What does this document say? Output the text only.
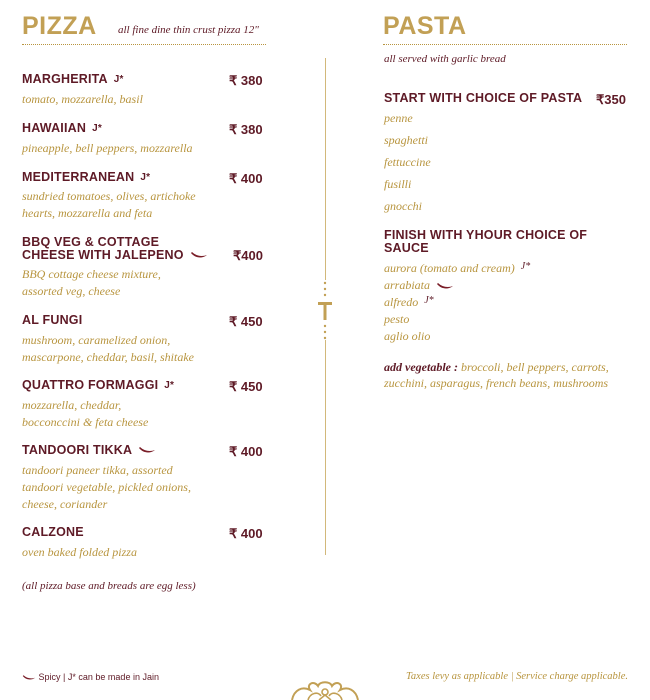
PIZZA all fine dine thin crust pizza 12"
MARGHERITA J*	₹ 380
tomato, mozzarella, basil
HAWAIIAN J*	₹ 380
pineapple, bell peppers, mozzarella
MEDITERRANEAN J*	₹ 400
sundried tomatoes, olives, artichoke hearts, mozzarella and feta
BBQ VEG & COTTAGE CHEESE WITH JALEPENO	₹400
BBQ cottage cheese mixture, assorted veg, cheese
AL FUNGI	₹ 450
mushroom, caramelized onion, mascarpone, cheddar, basil, shitake
QUATTRO FORMAGGI J*	₹ 450
mozzarella, cheddar, bocconccini & feta cheese
TANDOORI TIKKA	₹ 400
tandoori paneer tikka, assorted tandoori vegetable, pickled onions, cheese, coriander
CALZONE	₹ 400
oven baked folded pizza
(all pizza base and breads are egg less)
PASTA
all served with garlic bread
START WITH CHOICE OF PASTA	₹350
penne
spaghetti
fettuccine
fusilli
gnocchi
FINISH WITH YHOUR CHOICE OF SAUCE
aurora (tomato and cream) J*
arrabiata
alfredo J*
pesto
aglio olio
add vegetable : broccoli, bell peppers, carrots, zucchini, asparagus, french beans, mushrooms
Spicy | J* can be made in Jain	Taxes levy as applicable | Service charge applicable.
